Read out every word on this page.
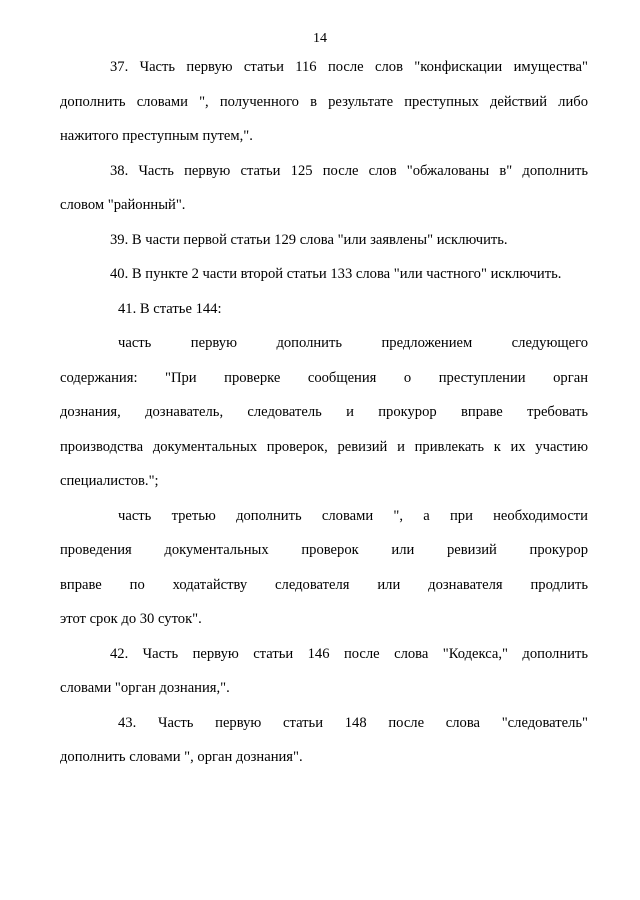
14
37. Часть первую статьи 116 после слов "конфискации имущества"
дополнить словами ", полученного в результате преступных действий либо
нажитого преступным путем,".
38. Часть первую статьи 125 после слов "обжалованы в" дополнить
словом "районный".
39. В части первой статьи 129 слова "или заявлены" исключить.
40. В пункте 2 части второй статьи 133 слова "или частного" исключить.
41. В статье 144:
часть первую дополнить предложением следующего
содержания: "При проверке сообщения о преступлении орган
дознания, дознаватель, следователь и прокурор вправе требовать
производства документальных проверок, ревизий и привлекать к их участию
специалистов.";
часть третью дополнить словами ", а при необходимости
проведения документальных проверок или ревизий прокурор
вправе по ходатайству следователя или дознавателя продлить
этот срок до 30 суток".
42. Часть первую статьи 146 после слова "Кодекса," дополнить
словами "орган дознания,".
43. Часть первую статьи 148 после слова "следователь"
дополнить словами ", орган дознания".
